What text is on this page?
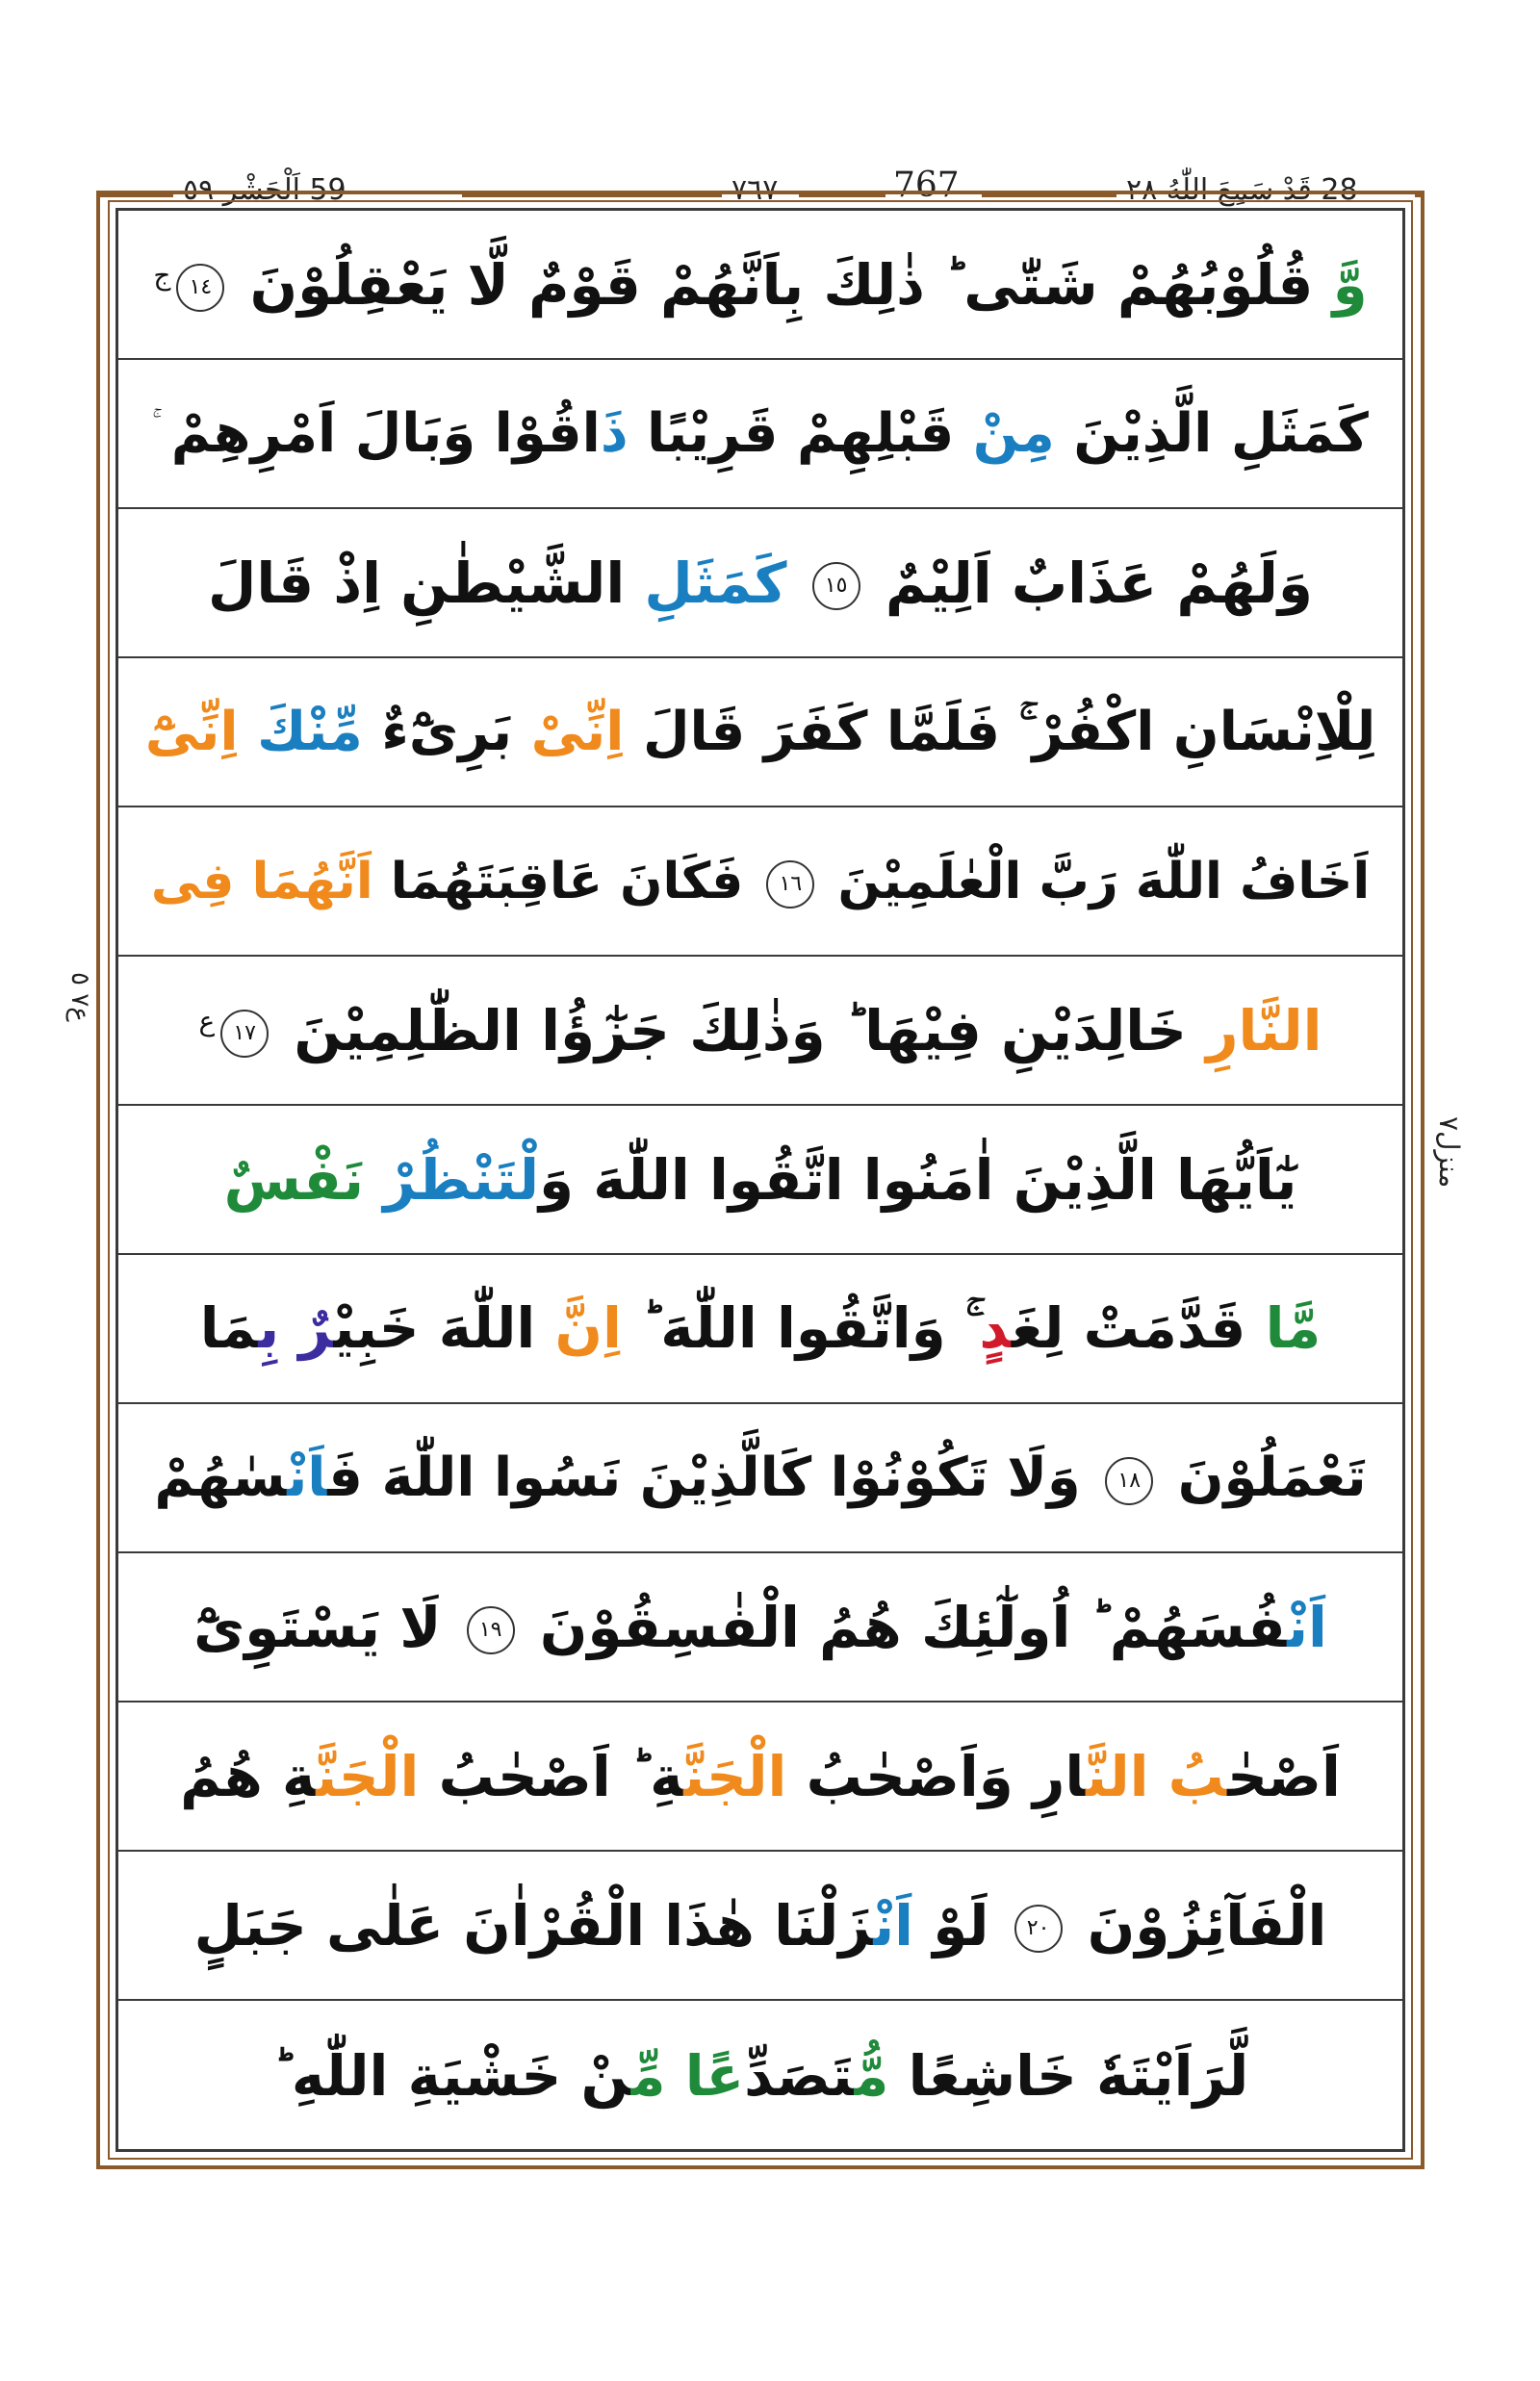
59 اَلْحَشْر ٥٩	٧٦٧	767	28 قَدْ سَمِعَ اللّٰهُ ٢٨
وَّ قُلُوْبُهُمْ شَتّٰى ؕ ذٰلِكَ بِاَنَّهُمْ قَوْمٌ لَّا يَعْقِلُوْنَ $١٤^ج$
كَمَثَلِ الَّذِيْنَ مِنْ قَبْلِهِمْ قَرِيْبًا ذَاقُوْا وَبَالَ اَمْرِهِمْ
وَلَهُمْ عَذَابٌ اَلِيْمٌ ١٥ كَمَثَلِ الشَّيْطٰنِ اِذْ قَالَ
لِلْاِنْسَانِ اكْفُرْ ۚ فَلَمَّا كَفَرَ قَالَ اِنِّىْ بَرِىْٓءٌ مِّنْكَ اِنِّىْٓ
اَخَافُ اللّٰهَ رَبَّ الْعٰلَمِيْنَ ١٦ فَكَانَ عَاقِبَتَهُمَا اَنَّهُمَا فِى
النَّارِ خَالِدَيْنِ فِيْهَا ؕ وَذٰلِكَ جَزٰٓؤُا الظّٰلِمِيْنَ $١٧^ع$
يٰٓاَيُّهَا الَّذِيْنَ اٰمَنُوا اتَّقُوا اللّٰهَ وَلْتَنْظُرْ نَفْسٌ
مَّا قَدَّمَتْ لِغَدٍ ۚ وَاتَّقُوا اللّٰهَ ؕ اِنَّ اللّٰهَ خَبِيْرٌ بِمَا
تَعْمَلُوْنَ ١٨ وَلَا تَكُوْنُوْا كَالَّذِيْنَ نَسُوا اللّٰهَ فَاَنْسٰهُمْ
اَنْفُسَهُمْ ؕ اُولٰٓئِكَ هُمُ الْفٰسِقُوْنَ ١٩ لَا يَسْتَوِىْٓ
اَصْحٰبُ النَّارِ وَاَصْحٰبُ الْجَنَّةِ ؕ اَصْحٰبُ الْجَنَّةِ هُمُ
الْفَآئِزُوْنَ ٢٠ لَوْ اَنْزَلْنَا هٰذَا الْقُرْاٰنَ عَلٰى جَبَلٍ
لَّرَاَيْتَهٗ خَاشِعًا مُّتَصَدِّعًا مِّنْ خَشْيَةِ اللّٰهِ ؕ
ع٧ ٥
منزل٧
